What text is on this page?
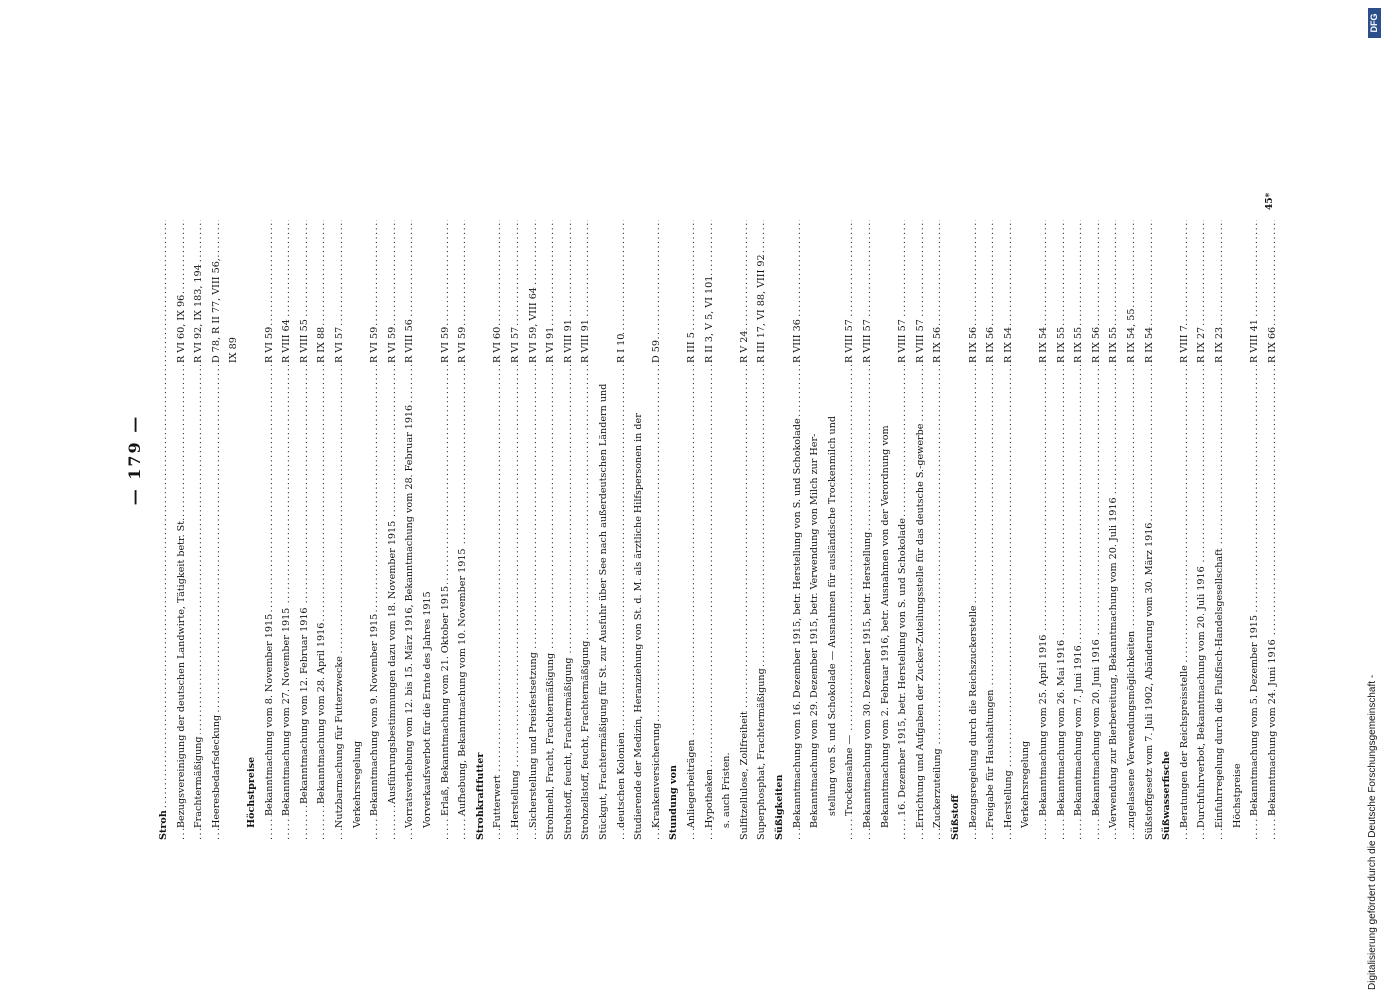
— 179 —
.....
Stroh ..... Bezugsvereinigung der deutschen Landwirte, Tätigkeit betr. St.
R VI 60, IX 96
.....
Frachtermäßigung
R VI 92, IX 183, 194
.....
Heeresbedarfsdeckung
D 78, R II 77, VIII 56, IX 89
Höchstpreise ..... Bekanntmachung vom 8. November 1915
R VI 59
.....
Bekanntmachung vom 27. November 1915
R VIII 64
.....
Bekanntmachung vom 12. Februar 1916
R VIII 55
.....
Bekanntmachung vom 28. April 1916
R IX 88
.....
Nutzbarmachung für Futterzwecke
R VI 57
Verkehrsregelung ..... Bekanntmachung vom 9. November 1915
R VI 59
.....
Ausführungsbestimmungen dazu vom 18. November 1915
R VI 59
.....
Vorratsverhebung vom 12. bis 15. März 1916, Bekanntmachung vom 28. Februar 1916
R VIII 56
Vorverkaufsverbot für die Ernte des Jahres 1915 ..... Erlaß, Bekanntmachung vom 21. Oktober 1915
R VI 59
.....
Aufhebung, Bekanntmachung vom 10. November 1915
R VI 59
Strohkraftfutter ..... Futterwert
R VI 60
.....
Herstellung
R VI 57
.....
Sicherstellung und Preisfestsetzung
R VI 59, VIII 64
.....
Strohmehl, Fracht, Frachtermäßigung
R VI 91
.....
Strohstoff, feucht, Frachtermäßigung
R VIII 91
.....
Strohzellstoff, feucht, Frachtermäßigung
R VIII 91
Stückgut, Frachtermäßigung für St. zur Ausfuhr über See nach außerdeutschen Ländern und ..... deutschen Kolonien
R I 10
Studierende der Medizin, Heranziehung von St. d. M. als ärztliche Hilfspersonen in der ..... Krankenversicherung
D 59
Stundung von ..... Anliegerbeiträgen
R III 5
.....
Hypotheken
R II 3, V 5, VI 101
s. auch Fristen. ..... Sulfitzellulose, Zollfreiheit
R V 24
.....
Superphosphat, Frachtermäßigung
R III 17, VI 88, VIII 92
Süßigkeiten ..... Bekanntmachung vom 16. Dezember 1915, betr. Herstellung von S. und Schokolade
R VIII 36
Bekanntmachung vom 29. Dezember 1915, betr. Verwendung von Milch zur Her- stellung von S. und Schokolade — Ausnahmen für ausländische Trockenmilch und ..... Trockensahne —
R VIII 57
.....
Bekanntmachung vom 30. Dezember 1915, betr. Herstellung
R VIII 57
Bekanntmachung vom 2. Februar 1916, betr. Ausnahmen von der Verordnung vom ..... 16. Dezember 1915, betr. Herstellung von S. und Schokolade
R VIII 57
.....
Errichtung und Aufgaben der Zucker-Zuteilungsstelle für das deutsche S.-gewerbe
R VIII 57
.....
Zuckerzuteilung
R IX 56
Süßstoff ..... Bezugsregelung durch die Reichszuckerstelle
R IX 56
.....
Freigabe für Haushaltungen
R IX 56
.....
Herstellung
R IX 54
Verkehrsregelung ..... Bekanntmachung vom 25. April 1916
R IX 54
.....
Bekanntmachung vom 26. Mai 1916
R IX 55
.....
Bekanntmachung vom 7. Juni 1916
R IX 55
.....
Bekanntmachung vom 20. Juni 1916
R IX 56
.....
Verwendung zur Bierbereitung, Bekanntmachung vom 20. Juli 1916
R IX 55
.....
zugelassene Verwendungsmöglichkeiten
R IX 54, 55
.....
Süßstoffgesetz vom 7. Juli 1902, Abänderung vom 30. März 1916
R IX 54
Süßwasserfische ..... Beratungen der Reichspreisstelle
R VIII 7
.....
Durchfuhrverbot, Bekanntmachung vom 20. Juli 1916
R IX 27
.....
Einfuhrregelung durch die Flußfisch-Handelsgesellschaft
R IX 23
Höchstpreise ..... Bekanntmachung vom 5. Dezember 1915
R VIII 41
.....
Bekanntmachung vom 24. Juni 1916
R IX 66
45*
Digitalisierung gefördert durch die Deutsche Forschungsgemeinschaft -
DFG
